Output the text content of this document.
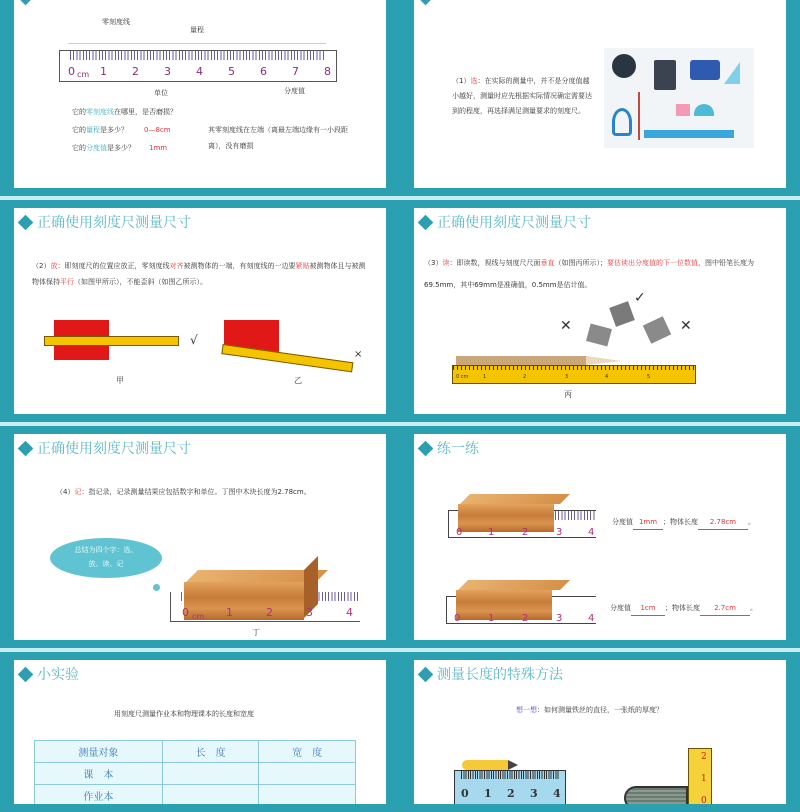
零刻度线
量程
0 cm 1 2 3 4 5 6 7 8
单位	分度值
它的零刻度线在哪里，是否磨损？
它的量程是多少？ 0—8cm
它的分度值是多少？ 1mm
其零刻度线在左端（离最左端边缘有一小段距离），没有磨损
（1）选：在实际的测量中，并不是分度值越小越好，测量时应先根据实际情况确定需要达到的程度，再选择满足测量要求的刻度尺。
正确使用刻度尺测量尺寸
（2）放：即刻度尺的位置应放正，零刻度线对齐被测物体的一端，有刻度线的一边要紧贴被测物体且与被测物体保持平行（如图甲所示），不能歪斜（如图乙所示）。
√
甲
×
乙
正确使用刻度尺测量尺寸
（3）读：即读数，视线与刻度尺尺面垂直（如图丙所示）；要估读出分度值的下一位数值，图中铅笔长度为69.5mm，其中69mm是准确值，0.5mm是估计值。
✕
✓
✕
0 cm	1	2	3	4	5
丙
正确使用刻度尺测量尺寸
（4）记：指记录，记录测量结果应包括数字和单位。丁图中木块长度为2.78cm。
总结为四个字：选、放、读、记
0 cm 1	2	3	4
丁
练一练
0	1	2	3	4
分度值 1mm ；物体长度 2.78cm 。
0	1	2	3	4
分度值 1cm ；物体长度 2.7cm 。
小实验
用刻度尺测量作业本和物理课本的长度和宽度
测量对象	长　度	宽　度
课　本		
作业本		
测量长度的特殊方法
想一想：如何测量铁丝的直径，一张纸的厚度？
0 1 2 3 4
2
1
0
